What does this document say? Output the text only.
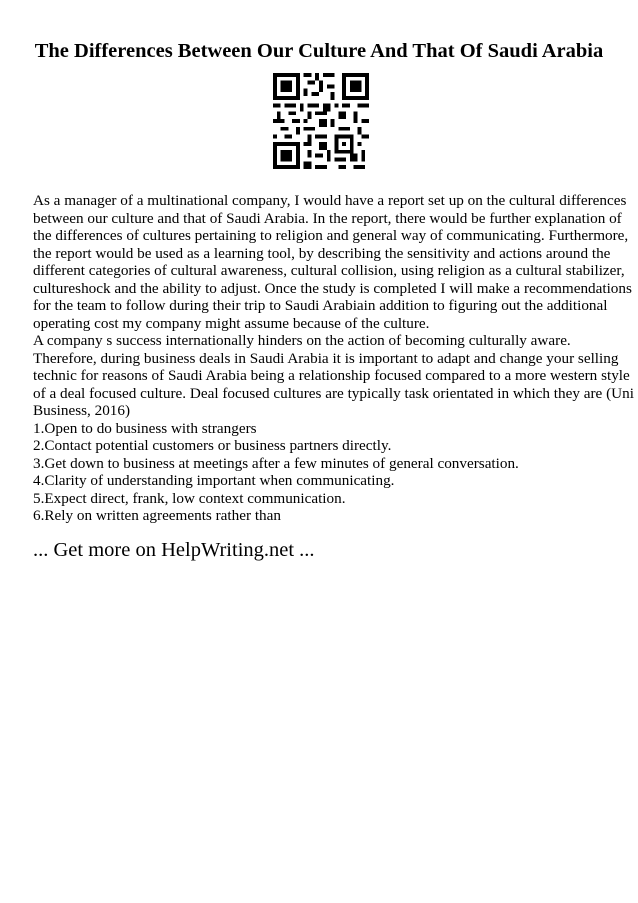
The Differences Between Our Culture And That Of Saudi Arabia
As a manager of a multinational company, I would have a report set up on the cultural differences
between our culture and that of Saudi Arabia. In the report, there would be further explanation of
the differences of cultures pertaining to religion and general way of communicating. Furthermore,
the report would be used as a learning tool, by describing the sensitivity and actions around the
different categories of cultural awareness, cultural collision, using religion as a cultural stabilizer,
cultureshock and the ability to adjust. Once the study is completed I will make a recommendations
for the team to follow during their trip to Saudi Arabiain addition to figuring out the additional
operating cost my company might assume because of the culture.
A company s success internationally hinders on the action of becoming culturally aware.
Therefore, during business deals in Saudi Arabia it is important to adapt and change your selling
technic for reasons of Saudi Arabia being a relationship focused compared to a more western style
of a deal focused culture. Deal focused cultures are typically task orientated in which they are (Uni
Business, 2016)
1.Open to do business with strangers
2.Contact potential customers or business partners directly.
3.Get down to business at meetings after a few minutes of general conversation.
4.Clarity of understanding important when communicating.
5.Expect direct, frank, low context communication.
6.Rely on written agreements rather than
... Get more on HelpWriting.net ...
